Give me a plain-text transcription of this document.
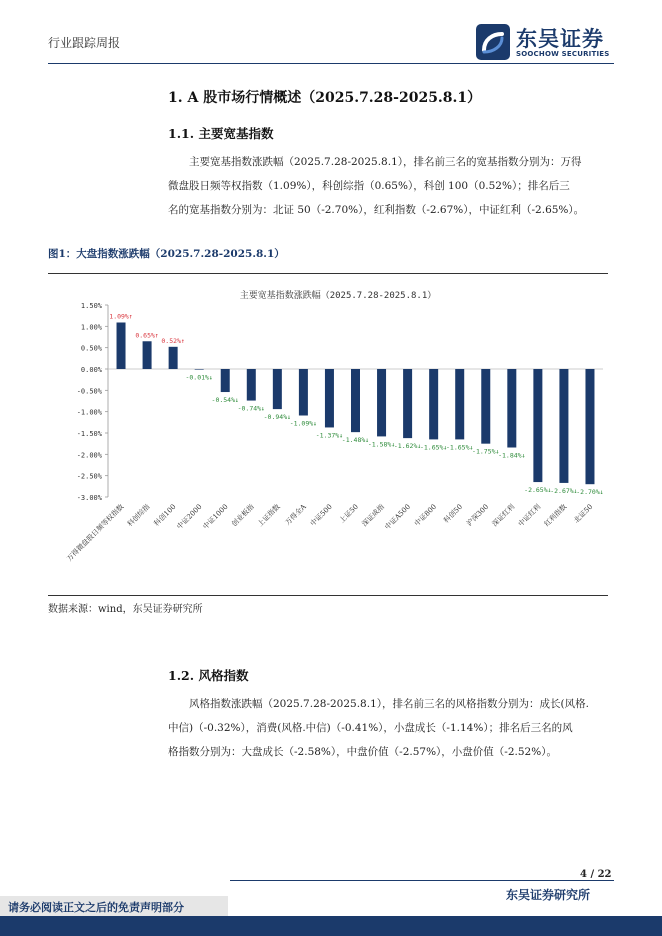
行业跟踪周报	东吴证券
SOOCHOW SECURITIES
1. A 股市场行情概述（2025.7.28-2025.8.1）
1.1. 主要宽基指数
主要宽基指数涨跌幅（2025.7.28-2025.8.1），排名前三名的宽基指数分别为：万得
微盘股日频等权指数（1.09%），科创综指（0.65%），科创 100（0.52%）；排名后三
名的宽基指数分别为：北证 50（-2.70%），红利指数（-2.67%），中证红利（-2.65%）。
图1：大盘指数涨跌幅（2025.7.28-2025.8.1）
主要宽基指数涨跌幅（2025.7.28-2025.8.1）
1.50%
1.00%
0.50%
0.00%
-0.50%
-1.00%
-1.50%
-2.00%
-2.50%
-3.00%
1.09%↑
0.65%↑
0.52%↑
-0.01%↓
-0.54%↓
-0.74%↓
-0.94%↓
-1.09%↓
-1.37%↓
-1.48%↓
-1.58%↓
-1.62%↓
-1.65%↓
-1.65%↓
-1.75%↓
-1.84%↓
-2.65%↓
-2.67%↓
-2.70%↓
万得微盘股日频等权指数 科创综指 科创100
中证2000
中证1000 创业板指 上证指数 万得全A 中证500 上证50 深证成指
中证A500 中证800 科创50 沪深300 深证红利 中证红利 红利指数 北证50
数据来源：wind，东吴证券研究所
1.2. 风格指数
风格指数涨跌幅（2025.7.28-2025.8.1），排名前三名的风格指数分别为：成长(风格.
中信)（-0.32%），消费(风格.中信)（-0.41%），小盘成长（-1.14%）；排名后三名的风
格指数分别为：大盘成长（-2.58%），中盘价值（-2.57%），小盘价值（-2.52%）。
4 / 22
东吴证券研究所
请务必阅读正文之后的免责声明部分
